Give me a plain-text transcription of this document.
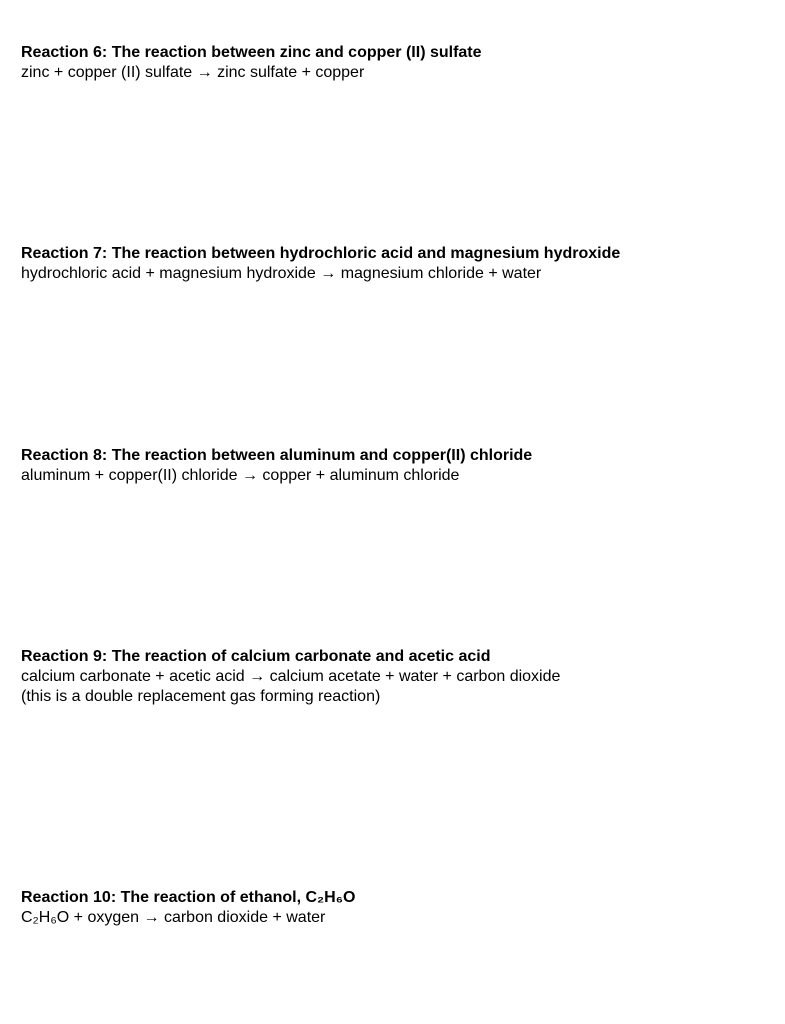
Reaction 6: The reaction between zinc and copper (II) sulfate
zinc + copper (II) sulfate → zinc sulfate + copper
Reaction 7: The reaction between hydrochloric acid and magnesium hydroxide
hydrochloric acid + magnesium hydroxide → magnesium chloride + water
Reaction 8: The reaction between aluminum and copper(II) chloride
aluminum + copper(II) chloride → copper + aluminum chloride
Reaction 9: The reaction of calcium carbonate and acetic acid
calcium carbonate + acetic acid → calcium acetate + water + carbon dioxide
(this is a double replacement gas forming reaction)
Reaction 10: The reaction of ethanol, C₂H₆O
C₂H₆O + oxygen → carbon dioxide + water
